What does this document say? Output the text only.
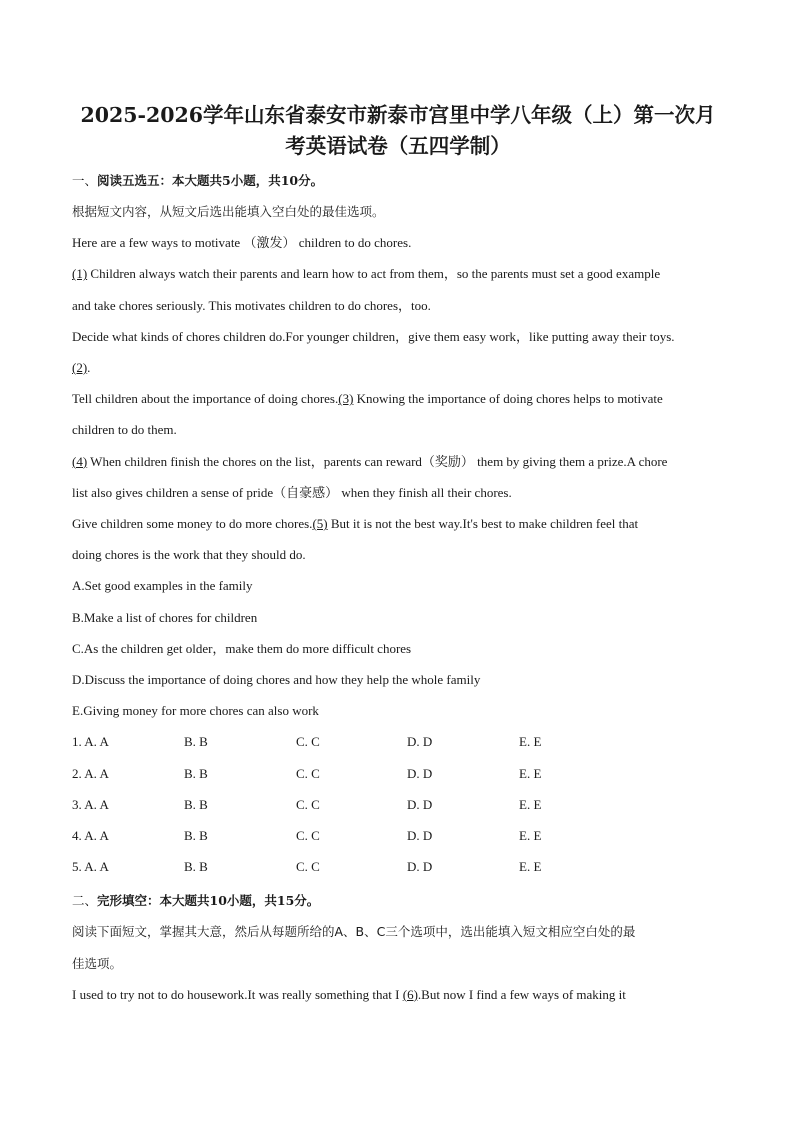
2025-2026学年山东省泰安市新泰市宫里中学八年级（上）第一次月
考英语试卷（五四学制）
一、阅读五选五：本大题共5小题，共10分。
根据短文内容，从短文后选出能填入空白处的最佳选项。
Here are a few ways to motivate （激发） children to do chores.
(1) Children always watch their parents and learn how to act from them，so the parents must set a good example
and take chores seriously. This motivates children to do chores，too.
Decide what kinds of chores children do.For younger children，give them easy work，like putting away their toys.
(2).
Tell children about the importance of doing chores.(3) Knowing the importance of doing chores helps to motivate
children to do them.
(4) When children finish the chores on the list，parents can reward（奖励） them by giving them a prize.A chore
list also gives children a sense of pride（自豪感） when they finish all their chores.
Give children some money to do more chores.(5) But it is not the best way.It's best to make children feel that
doing chores is the work that they should do.
A.Set good examples in the family
B.Make a list of chores for children
C.As the children get older，make them do more difficult chores
D.Discuss the importance of doing chores and how they help the whole family
E.Giving money for more chores can also work
1. A. A	B. B	C. C	D. D	E. E
2. A. A	B. B	C. C	D. D	E. E
3. A. A	B. B	C. C	D. D	E. E
4. A. A	B. B	C. C	D. D	E. E
5. A. A	B. B	C. C	D. D	E. E
二、完形填空：本大题共10小题，共15分。
阅读下面短文，掌握其大意，然后从每题所给的A、B、C三个选项中，选出能填入短文相应空白处的最
佳选项。
I used to try not to do housework.It was really something that I (6).But now I find a few ways of making it
